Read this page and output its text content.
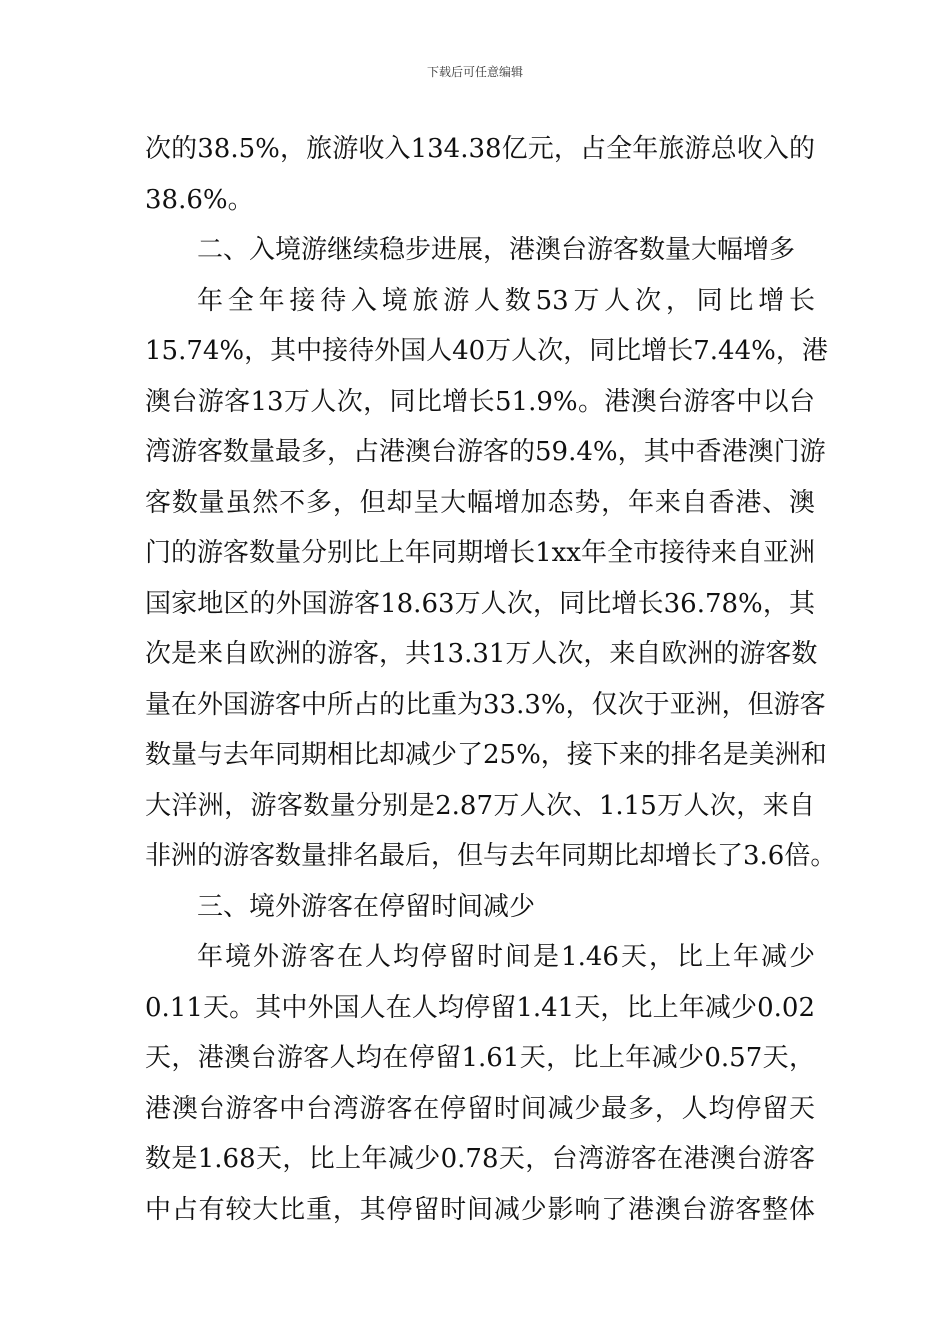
下载后可任意编辑
次的38.5%，旅游收入134.38亿元，占全年旅游总收入的
38.6%。
二、入境游继续稳步进展，港澳台游客数量大幅增多
年全年接待入境旅游人数53万人次，同比增长
15.74%，其中接待外国人40万人次，同比增长7.44%，港
澳台游客13万人次，同比增长51.9%。港澳台游客中以台
湾游客数量最多，占港澳台游客的59.4%，其中香港澳门游
客数量虽然不多，但却呈大幅增加态势，年来自香港、澳
门的游客数量分别比上年同期增长1xx年全市接待来自亚洲
国家地区的外国游客18.63万人次，同比增长36.78%，其
次是来自欧洲的游客，共13.31万人次，来自欧洲的游客数
量在外国游客中所占的比重为33.3%，仅次于亚洲，但游客
数量与去年同期相比却减少了25%，接下来的排名是美洲和
大洋洲，游客数量分别是2.87万人次、1.15万人次，来自
非洲的游客数量排名最后，但与去年同期比却增长了3.6倍。
三、境外游客在停留时间减少
年境外游客在人均停留时间是1.46天，比上年减少
0.11天。其中外国人在人均停留1.41天，比上年减少0.02
天，港澳台游客人均在停留1.61天，比上年减少0.57天，
港澳台游客中台湾游客在停留时间减少最多，人均停留天
数是1.68天，比上年减少0.78天，台湾游客在港澳台游客
中占有较大比重，其停留时间减少影响了港澳台游客整体
